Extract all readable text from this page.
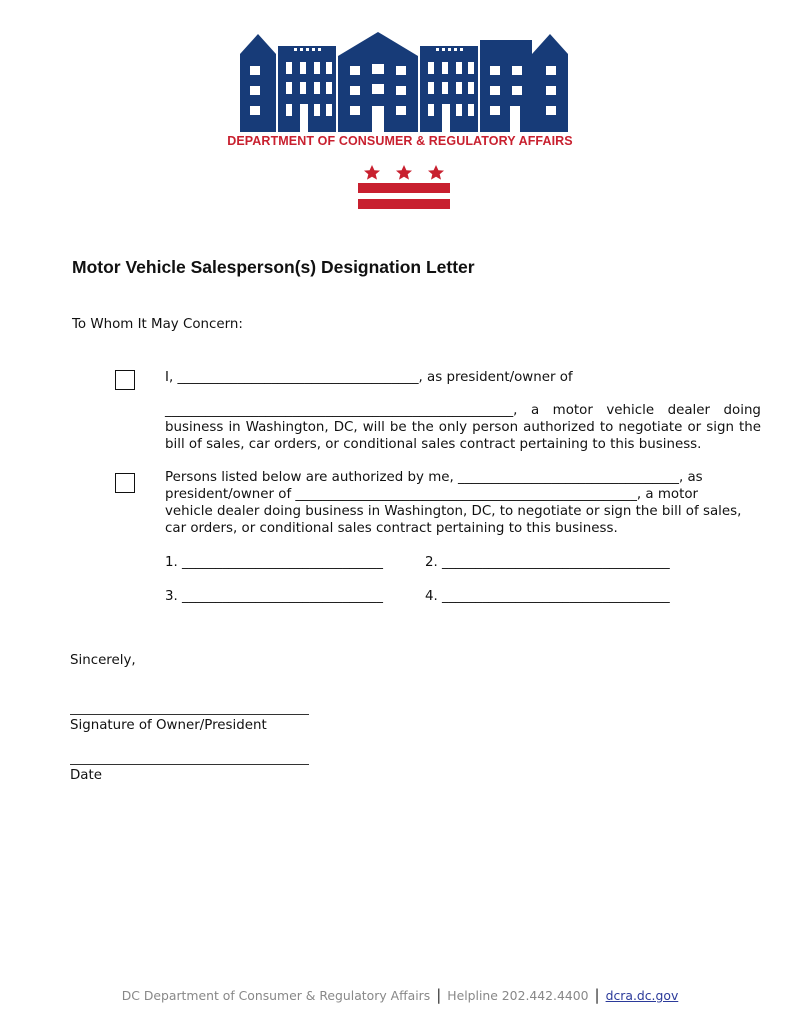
DEPARTMENT OF CONSUMER & REGULATORY AFFAIRS
Motor Vehicle Salesperson(s) Designation Letter
To Whom It May Concern:
I, ____________________________________, as president/owner of
____________________________________________________, a motor vehicle dealer doing
business in Washington, DC, will be the only person authorized to negotiate or sign the
bill of sales, car orders, or conditional sales contract pertaining to this business.
Persons listed below are authorized by me, _________________________________, as
president/owner of ___________________________________________________, a motor
vehicle dealer doing business in Washington, DC, to negotiate or sign the bill of sales,
car orders, or conditional sales contract pertaining to this business.
1. ______________________________	2. __________________________________
3. ______________________________	4. __________________________________
Sincerely,
Signature of Owner/President
Date
DC Department of Consumer & Regulatory Affairs | Helpline 202.442.4400 | dcra.dc.gov
